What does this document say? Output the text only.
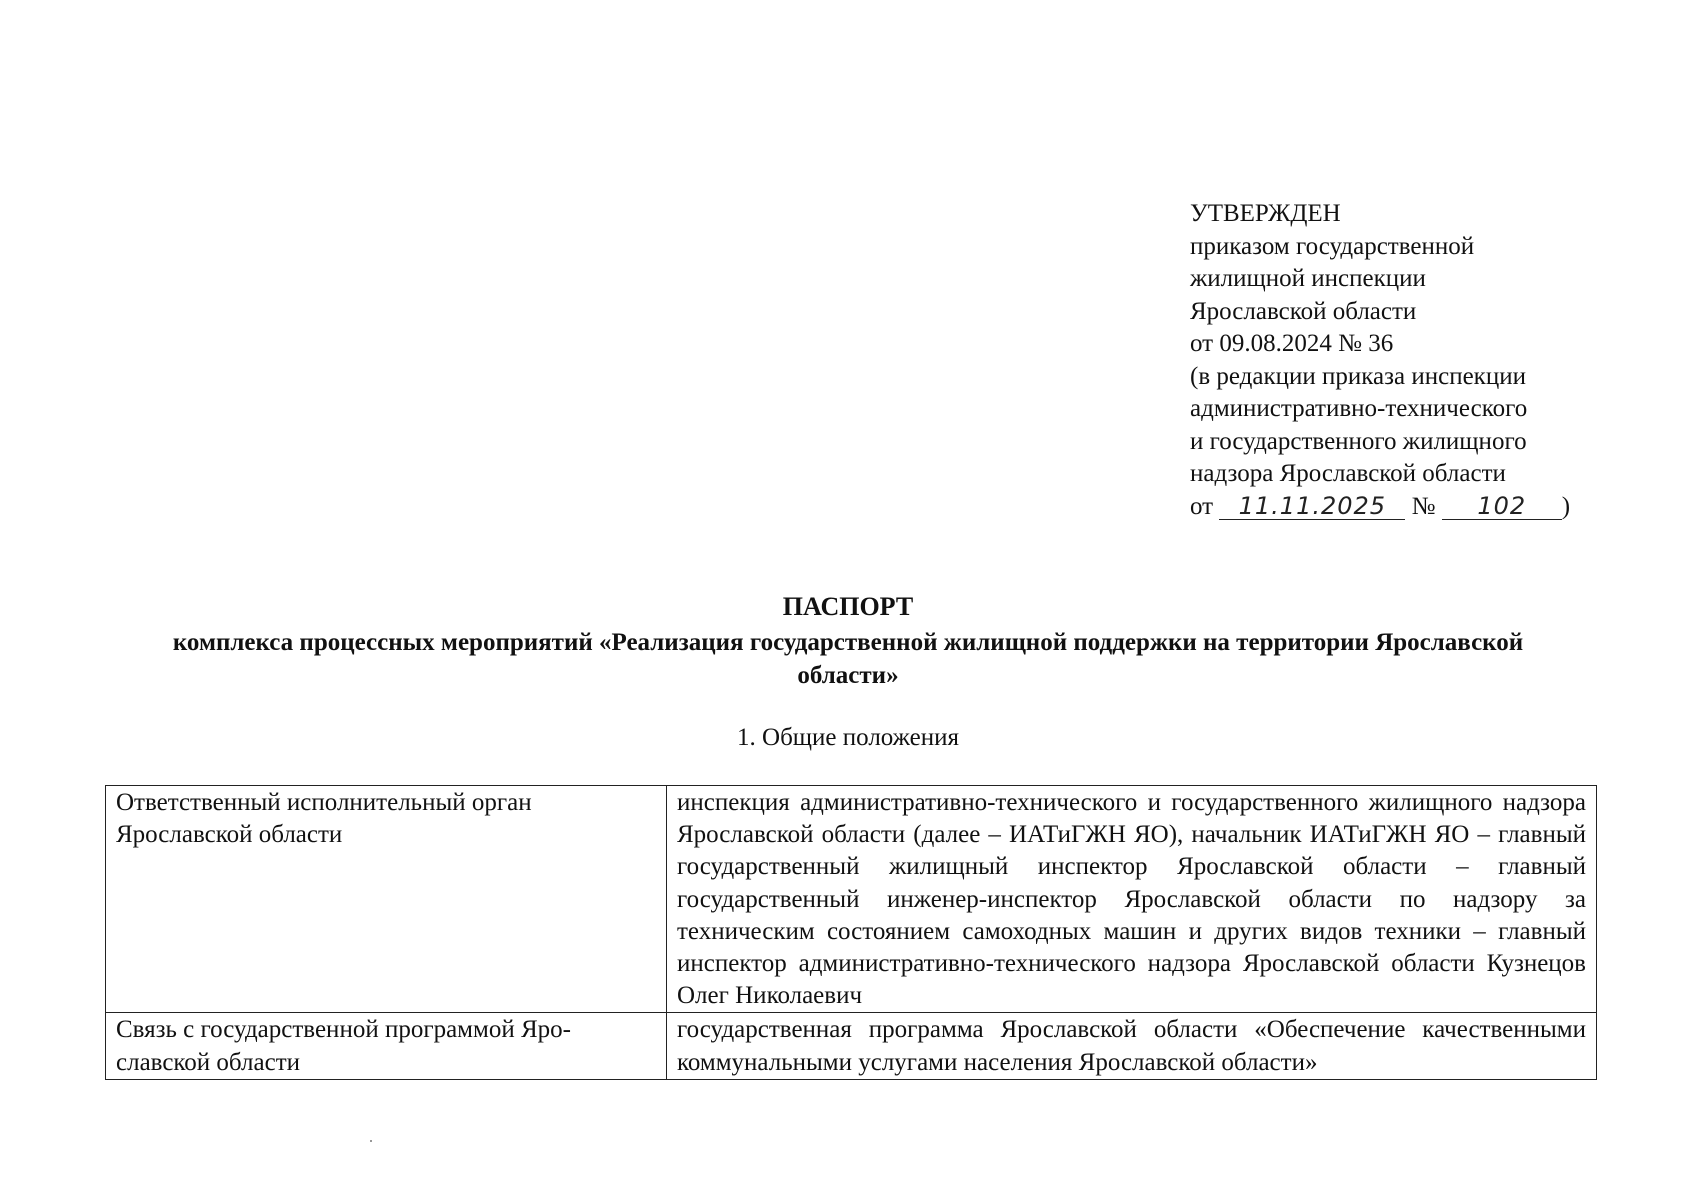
УТВЕРЖДЕН
приказом государственной
жилищной инспекции
Ярославской области
от 09.08.2024 № 36
(в редакции приказа инспекции
административно-технического
и государственного жилищного
надзора Ярославской области
от 11.11.2025 № 102 )
ПАСПОРТ
комплекса процессных мероприятий «Реализация государственной жилищной поддержки на территории Ярославской области»
1. Общие положения
Ответственный исполнительный орган Ярославской области	инспекция административно-технического и государственного жилищного надзора Ярославской области (далее – ИАТиГЖН ЯО), начальник ИАТиГЖН ЯО – главный государственный жилищный инспектор Ярославской области – главный государственный инженер-инспектор Ярославской области по надзору за техническим состоянием самоходных машин и других видов техники – главный инспектор административно-технического надзора Ярославской области Кузнецов Олег Николаевич
Связь с государственной программой Ярославской области	государственная программа Ярославской области «Обеспечение качественными коммунальными услугами населения Ярославской области»
